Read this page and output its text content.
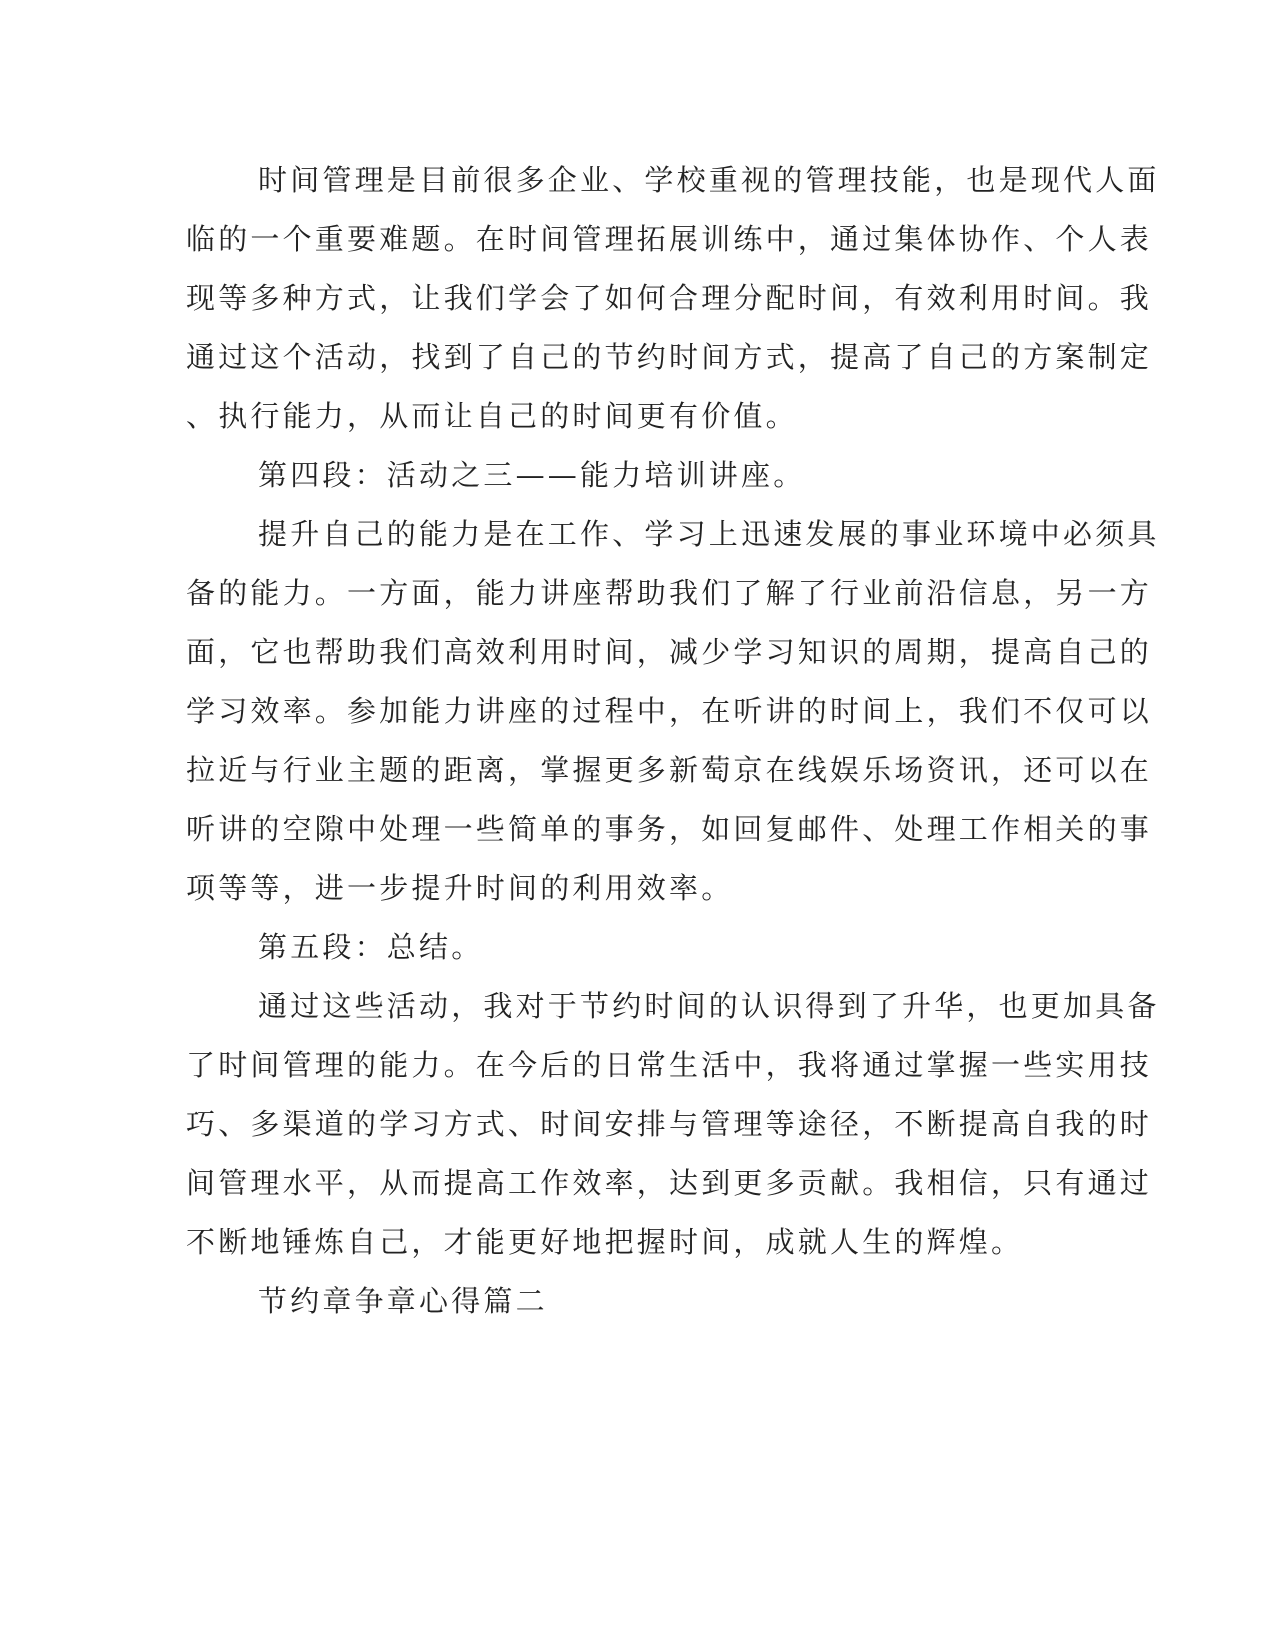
时间管理是目前很多企业、学校重视的管理技能，也是现代人面
临的一个重要难题。在时间管理拓展训练中，通过集体协作、个人表
现等多种方式，让我们学会了如何合理分配时间，有效利用时间。我
通过这个活动，找到了自己的节约时间方式，提高了自己的方案制定
、执行能力，从而让自己的时间更有价值。
第四段：活动之三——能力培训讲座。
提升自己的能力是在工作、学习上迅速发展的事业环境中必须具
备的能力。一方面，能力讲座帮助我们了解了行业前沿信息，另一方
面，它也帮助我们高效利用时间，减少学习知识的周期，提高自己的
学习效率。参加能力讲座的过程中，在听讲的时间上，我们不仅可以
拉近与行业主题的距离，掌握更多新萄京在线娱乐场资讯，还可以在
听讲的空隙中处理一些简单的事务，如回复邮件、处理工作相关的事
项等等，进一步提升时间的利用效率。
第五段：总结。
通过这些活动，我对于节约时间的认识得到了升华，也更加具备
了时间管理的能力。在今后的日常生活中，我将通过掌握一些实用技
巧、多渠道的学习方式、时间安排与管理等途径，不断提高自我的时
间管理水平，从而提高工作效率，达到更多贡献。我相信，只有通过
不断地锤炼自己，才能更好地把握时间，成就人生的辉煌。
节约章争章心得篇二
